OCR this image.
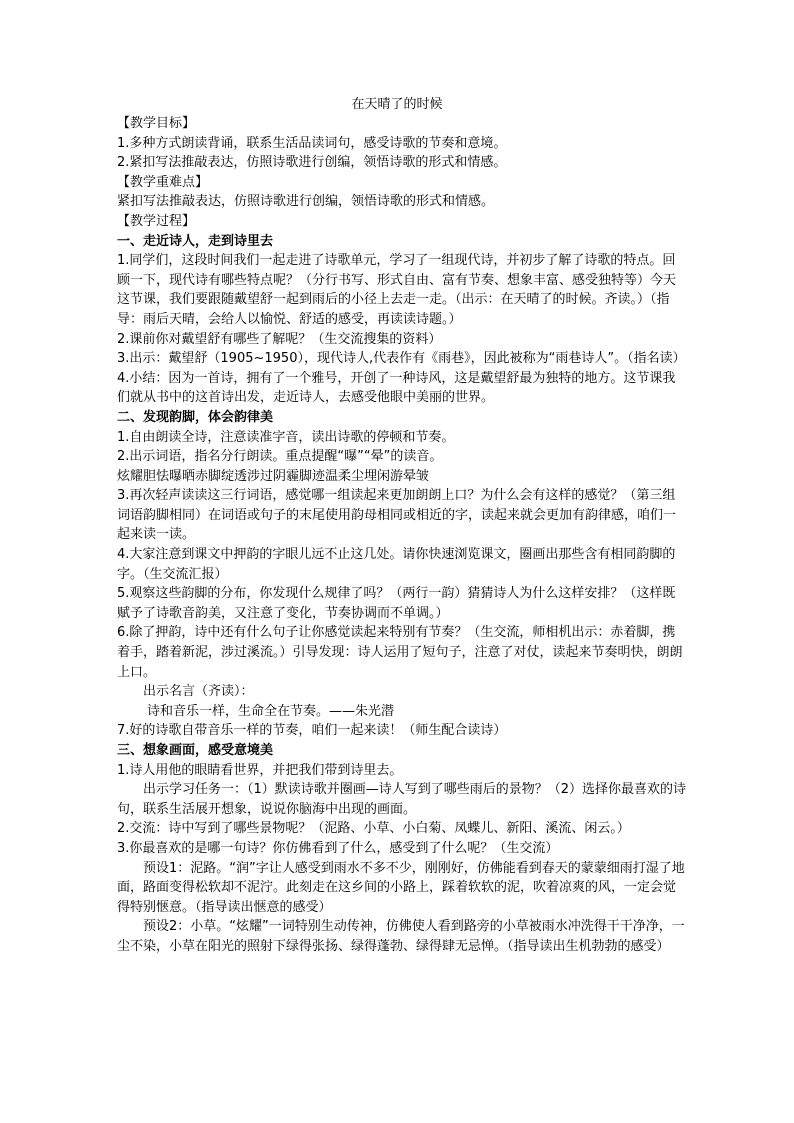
在天晴了的时候

【教学目标】

1.多种方式朗读背诵，联系生活品读词句，感受诗歌的节奏和意境。

2.紧扣写法推敲表达，仿照诗歌进行创编，领悟诗歌的形式和情感。

【教学重难点】

紧扣写法推敲表达，仿照诗歌进行创编，领悟诗歌的形式和情感。

【教学过程】

一、走近诗人，走到诗里去

1.同学们，这段时间我们一起走进了诗歌单元，学习了一组现代诗，并初步了解了诗歌的特点。回顾一下，现代诗有哪些特点呢？（分行书写、形式自由、富有节奏、想象丰富、感受独特等）今天这节课，我们要跟随戴望舒一起到雨后的小径上去走一走。（出示：在天晴了的时候。齐读。）（指导：雨后天晴，会给人以愉悦、舒适的感受，再读读诗题。）

2.课前你对戴望舒有哪些了解呢？（生交流搜集的资料）

3.出示：戴望舒（1905~1950），现代诗人,代表作有《雨巷》，因此被称为“雨巷诗人”。（指名读）

4.小结：因为一首诗，拥有了一个雅号，开创了一种诗风，这是戴望舒最为独特的地方。这节课我们就从书中的这首诗出发，走近诗人，去感受他眼中美丽的世界。

二、发现韵脚，体会韵律美

1.自由朗读全诗，注意读准字音，读出诗歌的停顿和节奏。

2.出示词语，指名分行朗读。重点提醒“曝”“晕”的读音。

炫耀胆怯曝晒赤脚绽透涉过阴霾脚迹温柔尘埋闲游晕皱

3.再次轻声读读这三行词语，感觉哪一组读起来更加朗朗上口？为什么会有这样的感觉？（第三组词语韵脚相同）在词语或句子的末尾使用韵母相同或相近的字，读起来就会更加有韵律感，咱们一起来读一读。

4.大家注意到课文中押韵的字眼儿远不止这几处。请你快速浏览课文，圈画出那些含有相同韵脚的字。（生交流汇报）

5.观察这些韵脚的分布，你发现什么规律了吗？（两行一韵）猜猜诗人为什么这样安排？（这样既赋予了诗歌音韵美，又注意了变化，节奏协调而不单调。）

6.除了押韵，诗中还有什么句子让你感觉读起来特别有节奏？（生交流，师相机出示：赤着脚，携着手，踏着新泥，涉过溪流。）引导发现：诗人运用了短句子，注意了对仗，读起来节奏明快，朗朗上口。

出示名言（齐读）：

诗和音乐一样，生命全在节奏。——朱光潜

7.好的诗歌自带音乐一样的节奏，咱们一起来读！（师生配合读诗）

三、想象画面，感受意境美

1.诗人用他的眼睛看世界，并把我们带到诗里去。

出示学习任务一：（1）默读诗歌并圈画—诗人写到了哪些雨后的景物？（2）选择你最喜欢的诗句，联系生活展开想象，说说你脑海中出现的画面。

2.交流：诗中写到了哪些景物呢？（泥路、小草、小白菊、凤蝶儿、新阳、溪流、闲云。）

3.你最喜欢的是哪一句诗？你仿佛看到了什么，感受到了什么呢？（生交流）

预设1：泥路。“润”字让人感受到雨水不多不少，刚刚好，仿佛能看到春天的蒙蒙细雨打湿了地面，路面变得松软却不泥泞。此刻走在这乡间的小路上，踩着软软的泥，吹着凉爽的风，一定会觉得特别惬意。（指导读出惬意的感受）

预设2：小草。“炫耀”一词特别生动传神，仿佛使人看到路旁的小草被雨水冲洗得干干净净，一尘不染，小草在阳光的照射下绿得张扬、绿得蓬勃、绿得肆无忌惮。（指导读出生机勃勃的感受）
